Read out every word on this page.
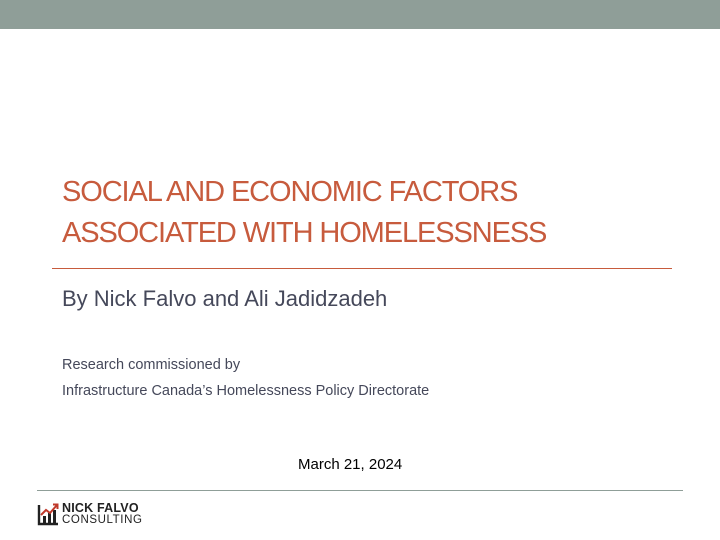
SOCIAL AND ECONOMIC FACTORS
ASSOCIATED WITH HOMELESSNESS
By Nick Falvo and Ali Jadidzadeh
Research commissioned by
Infrastructure Canada’s Homelessness Policy Directorate
March 21, 2024
NICK FALVO
CONSULTING
